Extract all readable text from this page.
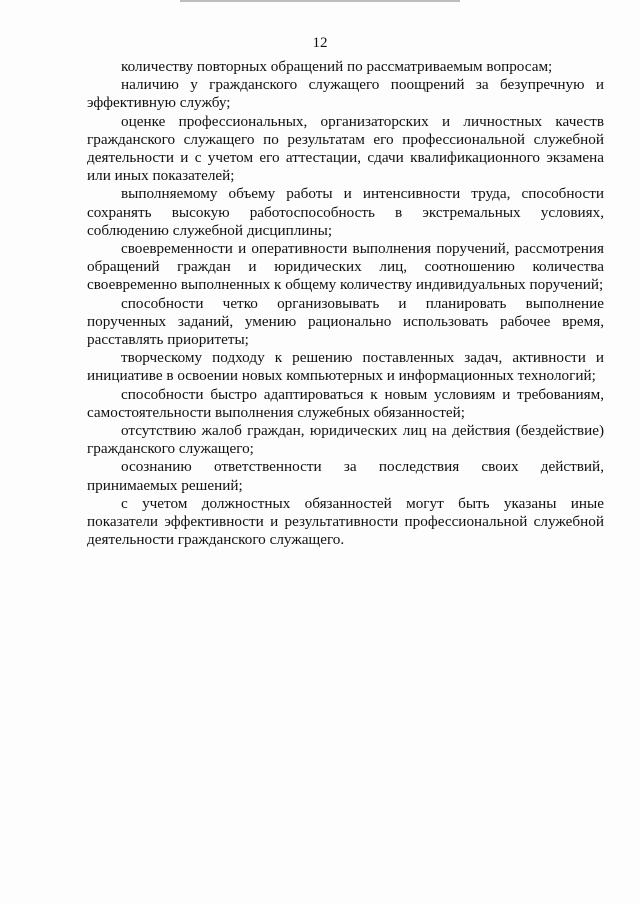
12

количеству повторных обращений по рассматриваемым вопросам;

наличию у гражданского служащего поощрений за безупречную и эффективную службу;

оценке профессиональных, организаторских и личностных качеств гражданского служащего по результатам его профессиональной служебной деятельности и с учетом его аттестации, сдачи квалификационного экзамена или иных показателей;

выполняемому объему работы и интенсивности труда, способности сохранять высокую работоспособность в экстремальных условиях, соблюдению служебной дисциплины;

своевременности и оперативности выполнения поручений, рассмотрения обращений граждан и юридических лиц, соотношению количества своевременно выполненных к общему количеству индивидуальных поручений;

способности четко организовывать и планировать выполнение порученных заданий, умению рационально использовать рабочее время, расставлять приоритеты;

творческому подходу к решению поставленных задач, активности и инициативе в освоении новых компьютерных и информационных технологий;

способности быстро адаптироваться к новым условиям и требованиям, самостоятельности выполнения служебных обязанностей;

отсутствию жалоб граждан, юридических лиц на действия (бездействие) гражданского служащего;

осознанию ответственности за последствия своих действий, принимаемых решений;

с учетом должностных обязанностей могут быть указаны иные показатели эффективности и результативности профессиональной служебной деятельности гражданского служащего.
